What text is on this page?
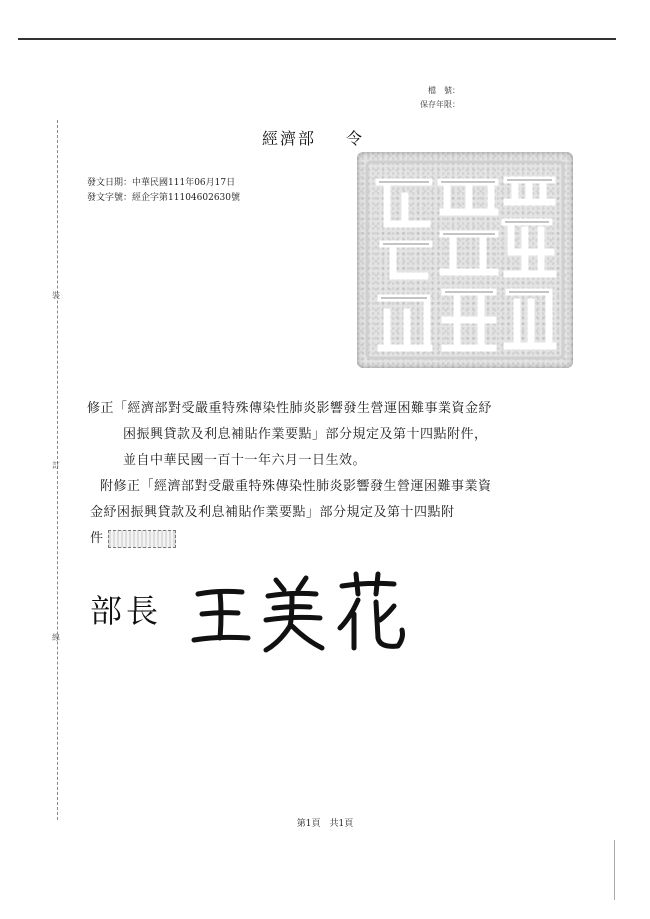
裝
訂
線
檔　號：
保存年限：
經濟部 令
發文日期：中華民國111年06月17日
發文字號：經企字第11104602630號
修正「經濟部對受嚴重特殊傳染性肺炎影響發生營運困難事業資金紓
困振興貸款及利息補貼作業要點」部分規定及第十四點附件，
並自中華民國一百十一年六月一日生效。
附修正「經濟部對受嚴重特殊傳染性肺炎影響發生營運困難事業資
金紓困振興貸款及利息補貼作業要點」部分規定及第十四點附
件
部長
第1頁　共1頁
